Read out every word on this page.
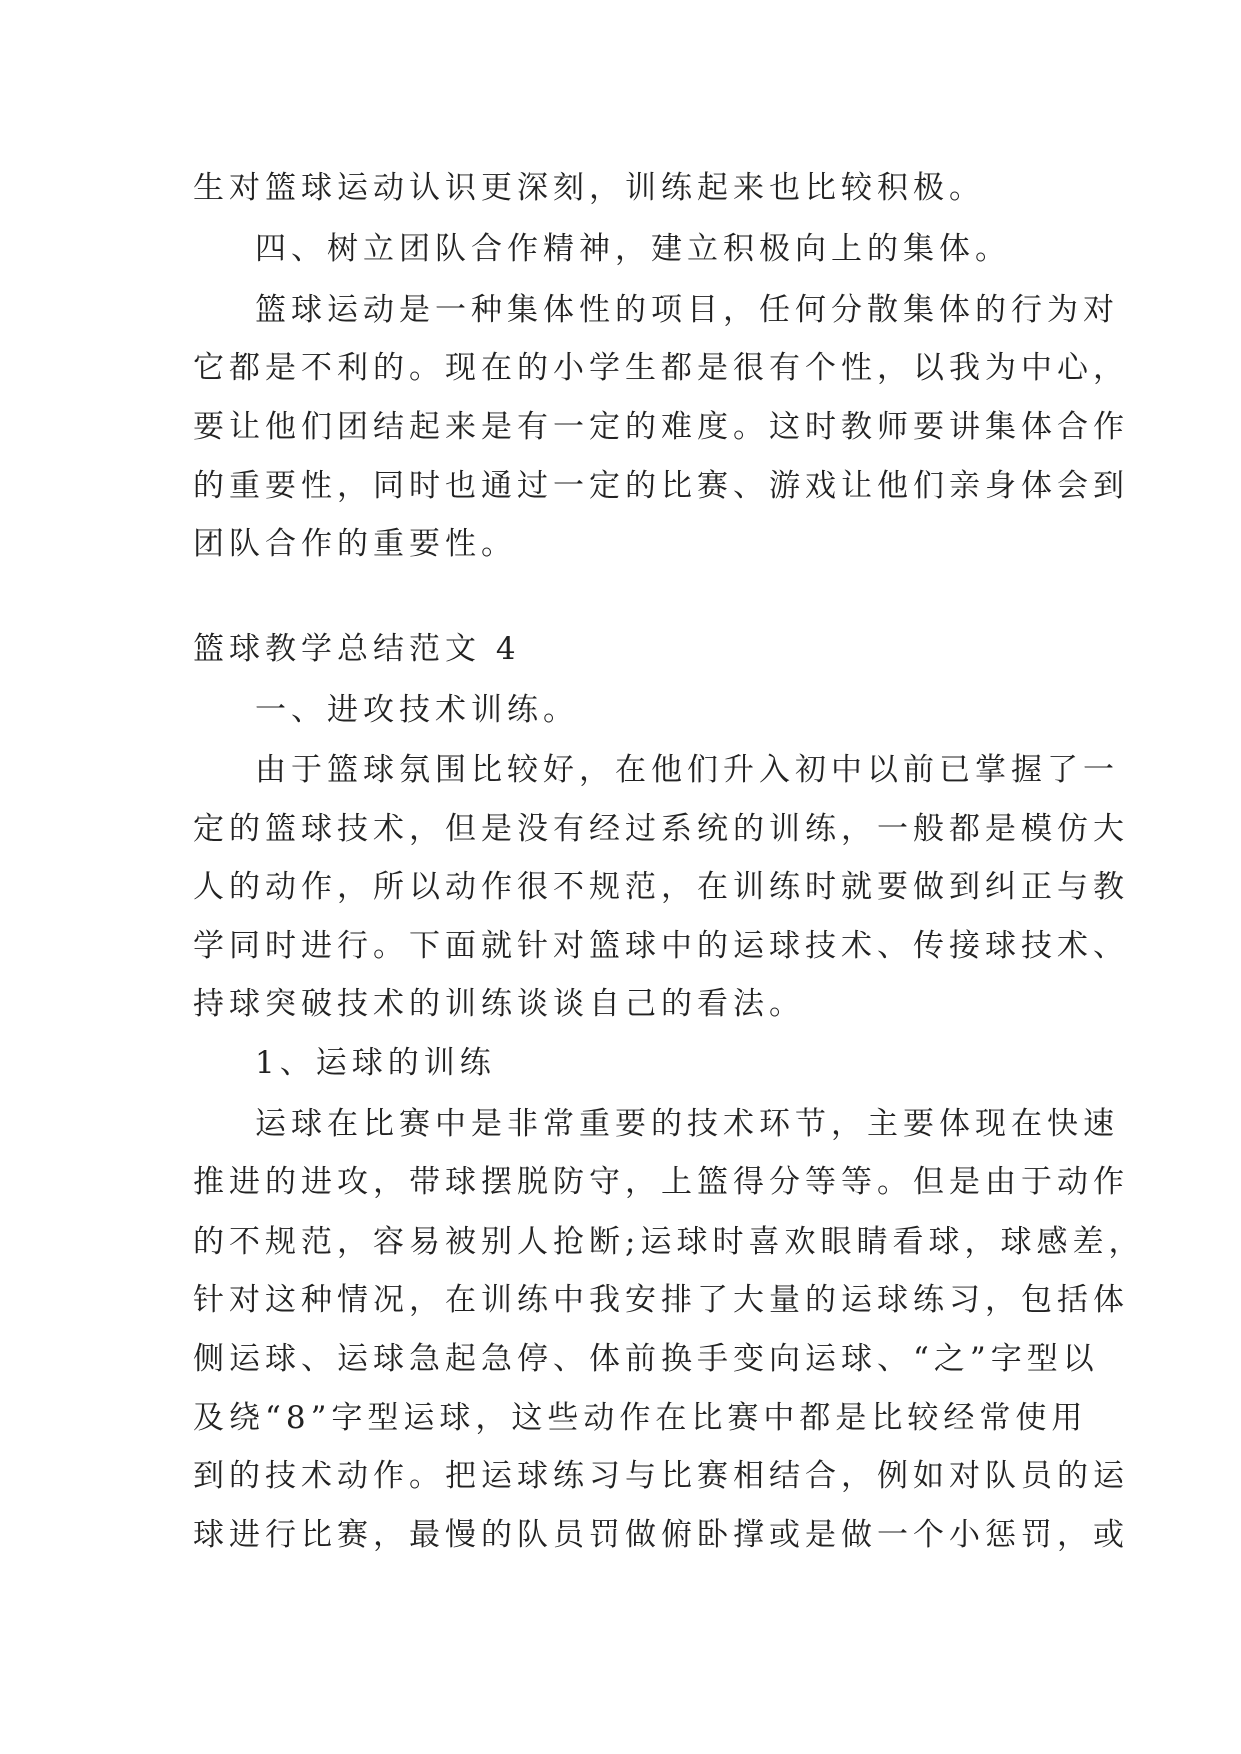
生对篮球运动认识更深刻，训练起来也比较积极。

四、树立团队合作精神，建立积极向上的集体。

篮球运动是一种集体性的项目，任何分散集体的行为对

它都是不利的。现在的小学生都是很有个性，以我为中心，

要让他们团结起来是有一定的难度。这时教师要讲集体合作

的重要性，同时也通过一定的比赛、游戏让他们亲身体会到

团队合作的重要性。

篮球教学总结范文 4

一、进攻技术训练。

由于篮球氛围比较好，在他们升入初中以前已掌握了一

定的篮球技术，但是没有经过系统的训练，一般都是模仿大

人的动作，所以动作很不规范，在训练时就要做到纠正与教

学同时进行。下面就针对篮球中的运球技术、传接球技术、

持球突破技术的训练谈谈自己的看法。

1、运球的训练

运球在比赛中是非常重要的技术环节，主要体现在快速

推进的进攻，带球摆脱防守，上篮得分等等。但是由于动作

的不规范，容易被别人抢断;运球时喜欢眼睛看球，球感差，

针对这种情况，在训练中我安排了大量的运球练习，包括体

侧运球、运球急起急停、体前换手变向运球、“之”字型以

及绕“8”字型运球，这些动作在比赛中都是比较经常使用

到的技术动作。把运球练习与比赛相结合，例如对队员的运

球进行比赛，最慢的队员罚做俯卧撑或是做一个小惩罚，或
